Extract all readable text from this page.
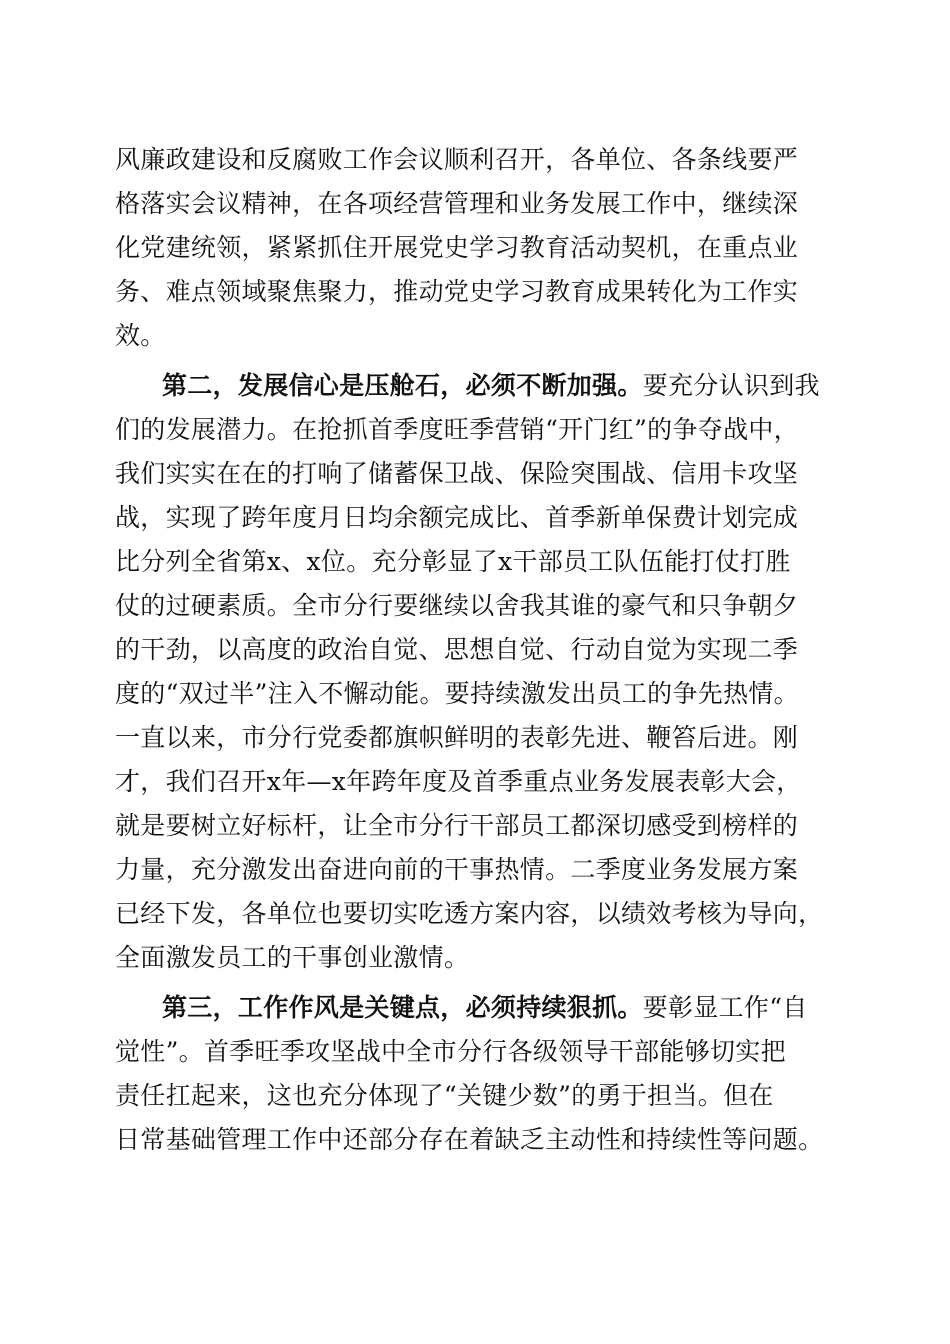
风廉政建设和反腐败工作会议顺利召开，各单位、各条线要严
格落实会议精神，在各项经营管理和业务发展工作中，继续深
化党建统领，紧紧抓住开展党史学习教育活动契机，在重点业
务、难点领域聚焦聚力，推动党史学习教育成果转化为工作实
效。
第二，发展信心是压舱石，必须不断加强。要充分认识到我
们的发展潜力。在抢抓首季度旺季营销“开门红”的争夺战中，
我们实实在在的打响了储蓄保卫战、保险突围战、信用卡攻坚
战，实现了跨年度月日均余额完成比、首季新单保费计划完成
比分列全省第x、x位。充分彰显了x干部员工队伍能打仗打胜
仗的过硬素质。全市分行要继续以舍我其谁的豪气和只争朝夕
的干劲，以高度的政治自觉、思想自觉、行动自觉为实现二季
度的“双过半”注入不懈动能。要持续激发出员工的争先热情。
一直以来，市分行党委都旗帜鲜明的表彰先进、鞭笞后进。刚
才，我们召开x年—x年跨年度及首季重点业务发展表彰大会，
就是要树立好标杆，让全市分行干部员工都深切感受到榜样的
力量，充分激发出奋进向前的干事热情。二季度业务发展方案
已经下发，各单位也要切实吃透方案内容，以绩效考核为导向，
全面激发员工的干事创业激情。
第三，工作作风是关键点，必须持续狠抓。要彰显工作“自
觉性”。首季旺季攻坚战中全市分行各级领导干部能够切实把
责任扛起来，这也充分体现了“关键少数”的勇于担当。但在
日常基础管理工作中还部分存在着缺乏主动性和持续性等问题。
